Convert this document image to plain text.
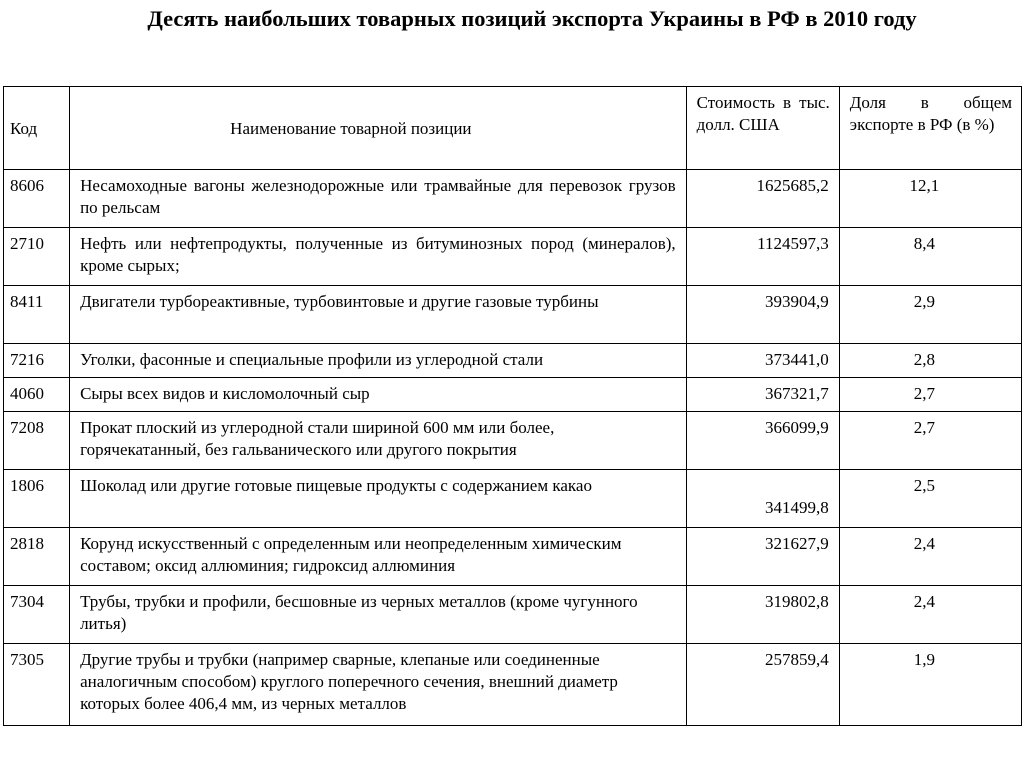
Десять наибольших товарных позиций экспорта Украины в РФ в 2010 году
Код	Наименование товарной позиции	Стоимость в тыс. долл. США	Доля в общем экспорте в РФ (в %)

8606	Несамоходные вагоны железнодорожные или трамвайные для перевозок грузов по рельсам	1625685,2	12,1

2710	Нефть или нефтепродукты, полученные из битуминозных пород (минералов), кроме сырых;	1124597,3	8,4

8411	Двигатели турбореактивные, турбовинтовые и другие газовые турбины	393904,9	2,9

7216	Уголки, фасонные и специальные профили из углеродной стали	373441,0	2,8

4060	Сыры всех видов и кисломолочный сыр	367321,7	2,7

7208	Прокат плоский из углеродной стали шириной 600 мм или более, горячекатанный, без гальванического или другого покрытия	366099,9	2,7

1806	Шоколад или другие готовые пищевые продукты с содержанием какао	341499,8	2,5

2818	Корунд искусственный с определенным или неопределенным химическим составом; оксид аллюминия; гидроксид аллюминия	321627,9	2,4

7304	Трубы, трубки и профили, бесшовные из черных металлов (кроме чугунного литья)	319802,8	2,4

7305	Другие трубы и трубки (например сварные, клепаные или соединенные аналогичным способом) круглого поперечного сечения, внешний диаметр которых более 406,4 мм, из черных металлов	257859,4	1,9
